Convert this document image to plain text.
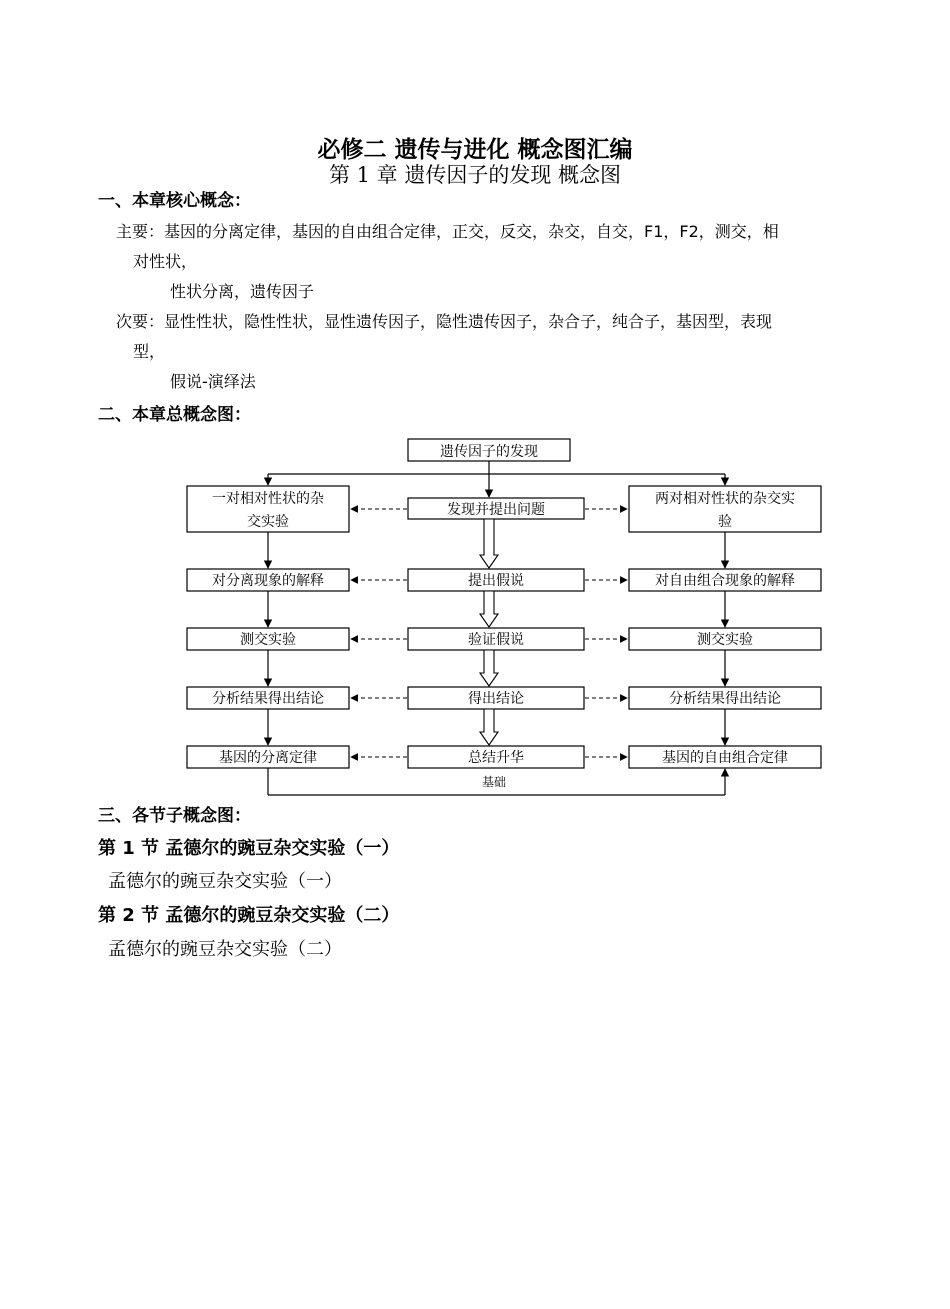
必修二 遗传与进化 概念图汇编
第 1 章 遗传因子的发现 概念图
一、本章核心概念：
主要：基因的分离定律，基因的自由组合定律，正交，反交，杂交，自交，F1，F2，测交，相
对性状，
性状分离，遗传因子
次要：显性性状，隐性性状，显性遗传因子，隐性遗传因子，杂合子，纯合子，基因型，表现
型，
假说-演绎法
二、本章总概念图：
遗传因子的发现
发现并提出问题
提出假说
验证假说
得出结论
总结升华
一对相对性状的杂
交实验
对分离现象的解释
测交实验
分析结果得出结论
基因的分离定律
两对相对性状的杂交实
验
对自由组合现象的解释
测交实验
分析结果得出结论
基因的自由组合定律
基础
三、各节子概念图：
第 1 节 孟德尔的豌豆杂交实验（一）
孟德尔的豌豆杂交实验（一）
第 2 节 孟德尔的豌豆杂交实验（二）
孟德尔的豌豆杂交实验（二）
